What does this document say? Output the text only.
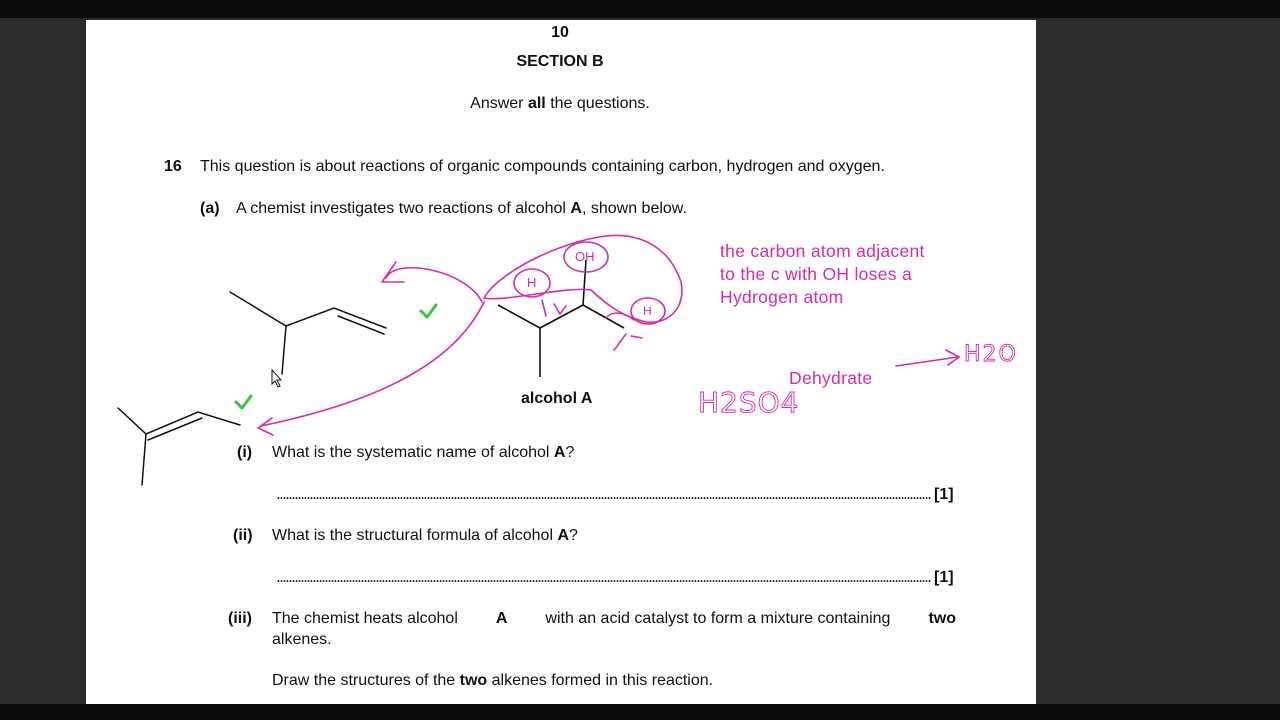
10
SECTION B
Answer all the questions.
16 This question is about reactions of organic compounds containing carbon, hydrogen and oxygen.
(a) A chemist investigates two reactions of alcohol A, shown below.
alcohol A
(i) What is the systematic name of alcohol A?
[1]
(ii) What is the structural formula of alcohol A?
[1]
(iii) The chemist heats alcohol A with an acid catalyst to form a mixture containing two
alkenes.
Draw the structures of the two alkenes formed in this reaction.
the carbon atom adjacent
to the c with OH loses a
Hydrogen atom
Dehydrate
OH
H
H
H2O
H2SO4
